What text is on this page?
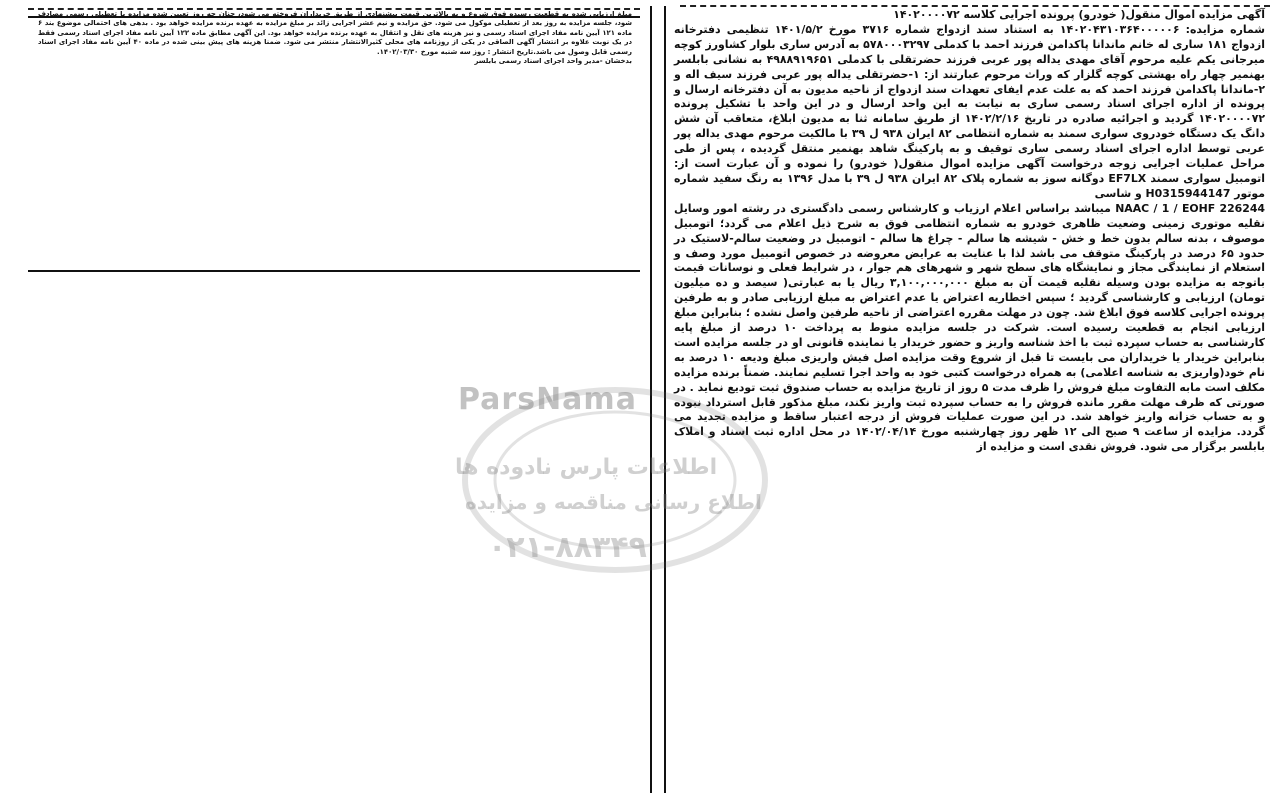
آگهی مزایده اموال منقول( خودرو) پرونده اجرایی کلاسه ۱۴۰۲۰۰۰۰۷۲

شماره مزایده: ۱۴۰۲۰۴۳۱۰۳۶۴۰۰۰۰۰۶ به استناد سند ازدواج شماره ۳۷۱۶ مورخ ۱۴۰۱/۵/۲ تنظیمی دفترخانه ازدواج ۱۸۱ ساری له خانم ماندانا پاکدامن فرزند احمد با کدملی ۵۷۸۰۰۰۳۲۹۷ به آدرس ساری بلوار کشاورز کوچه میرجانی یکم علیه مرحوم آقای مهدی یداله پور عربی فرزند حضرتقلی با کدملی ۴۹۸۸۹۱۹۶۵۱ به نشانی بابلسر بهنمیر چهار راه بهشتی کوچه گلزار که وراث مرحوم عبارتند از: ۱-حضرتقلی یداله پور عربی فرزند سیف اله و ۲-ماندانا پاکدامن فرزند احمد که به علت عدم ایفای تعهدات سند ازدواج از ناحیه مدیون به آن دفترخانه ارسال و پرونده از اداره اجرای اسناد رسمی ساری به نیابت به این واحد ارسال و در این واحد با تشکیل پرونده ۱۴۰۲۰۰۰۰۷۲ گردید و اجرائیه صادره در تاریخ ۱۴۰۲/۲/۱۶ از طریق سامانه ثنا به مدیون ابلاغ، متعاقب آن شش دانگ یک دستگاه خودروی سواری سمند به شماره انتظامی ۸۲ ایران ۹۳۸ ل ۳۹ با مالکیت مرحوم مهدی یداله پور عربی توسط اداره اجرای اسناد رسمی ساری توقیف و به پارکینگ شاهد بهنمیر منتقل گردیده ، پس از طی مراحل عملیات اجرایی زوجه درخواست آگهی مزایده اموال منقول( خودرو) را نموده و آن عبارت است از: اتومبیل سواری سمند EF7LX دوگانه سوز به شماره پلاک ۸۲ ایران ۹۳۸ ل ۳۹ با مدل ۱۳۹۶ به رنگ سفید شماره موتور H0315944147 و شاسی

NAAC / 1 / EOHF 226244 میباشد براساس اعلام ارزیاب و کارشناس رسمی دادگستری در رشته امور وسایل نقلیه موتوری زمینی وضعیت ظاهری خودرو به شماره انتظامی فوق به شرح ذیل اعلام می گردد؛ اتومبیل موصوف ، بدنه سالم بدون خط و خش - شیشه ها سالم - چراغ ها سالم - اتومبیل در وضعیت سالم-لاستیک در حدود ۶۵ درصد در پارکینگ متوقف می باشد لذا با عنایت به عرایض معروضه در خصوص اتومبیل مورد وصف و استعلام از نمایندگی مجاز و نمایشگاه های سطح شهر و شهرهای هم جوار ، در شرایط فعلی و نوسانات قیمت باتوجه به مزایده بودن وسیله نقلیه قیمت آن به مبلغ ۳,۱۰۰,۰۰۰,۰۰۰ ریال یا به عبارتی( سیصد و ده میلیون تومان) ارزیابی و کارشناسی گردید ؛ سپس اخطاریه اعتراض یا عدم اعتراض به مبلغ ارزیابی صادر و به طرفین پرونده اجرایی کلاسه فوق ابلاغ شد. چون در مهلت مقرره اعتراضی از ناحیه طرفین واصل نشده ؛ بنابراین مبلغ ارزیابی انجام به قطعیت رسیده است. شرکت در جلسه مزایده منوط به پرداخت ۱۰ درصد از مبلغ پایه کارشناسی به حساب سپرده ثبت با اخذ شناسه واریز و حضور خریدار یا نماینده قانونی او در جلسه مزایده است بنابراین خریدار یا خریداران می بایست تا قبل از شروع وقت مزایده اصل فیش واریزی مبلغ ودیعه ۱۰ درصد به نام خود(واریزی به شناسه اعلامی) به همراه درخواست کتبی خود به واحد اجرا تسلیم نمایند. ضمناً برنده مزایده مکلف است مابه التفاوت مبلغ فروش را ظرف مدت ۵ روز از تاریخ مزایده به حساب صندوق ثبت تودیع نماید . در صورتی که ظرف مهلت مقرر مانده فروش را به حساب سپرده ثبت واریز نکند، مبلغ مذکور قابل استرداد نبوده و به حساب خزانه واریز خواهد شد. در این صورت عملیات فروش از درجه اعتبار ساقط و مزایده تجدید می گردد. مزایده از ساعت ۹ صبح الی ۱۲ ظهر روز چهارشنبه مورخ ۱۴۰۲/۰۴/۱۴ در محل اداره ثبت اسناد و املاک بابلسر برگزار می شود. فروش نقدی است و مزایده از

مبلغ ارزیابی شده به قطعیت رسیده فوق شروع و به بالاترین قیمت پیشنهادی از طریق خریداران فروخته می شود، چنان چه روز تعیین شده مزایده با تعطیلی رسمی مصادف شود، جلسه مزایده به روز بعد از تعطیلی موکول می شود. حق مزایده و نیم عشر اجرایی زائد بر مبلغ مزایده به عهده برنده مزایده خواهد بود . بدهی های احتمالی موضوع بند ۶ ماده ۱۲۱ آیین نامه مفاد اجرای اسناد رسمی و نیز هزینه های نقل و انتقال به عهده برنده مزایده خواهد بود. این آگهی مطابق ماده ۱۲۲ آیین نامه مفاد اجرای اسناد رسمی فقط در یک نوبت علاوه بر انتشار آگهی الصاقی در یکی از روزنامه های محلی کثیرالانتشار منتشر می شود. ضمنا هزینه های پیش بینی شده در ماده ۴۰ آیین نامه مفاد اجرای اسناد رسمی قابل وصول می باشد.تاریخ انتشار : روز سه شنبه مورخ ۱۴۰۲/۰۳/۳۰.

بدخشان -مدیر واحد اجرای اسناد رسمی بابلسر

ParsNama
اطلاعات پارس نادوده ها
اطلاع رسانی مناقصه و مزایده
۰۲۱-۸۸۳۴۹
